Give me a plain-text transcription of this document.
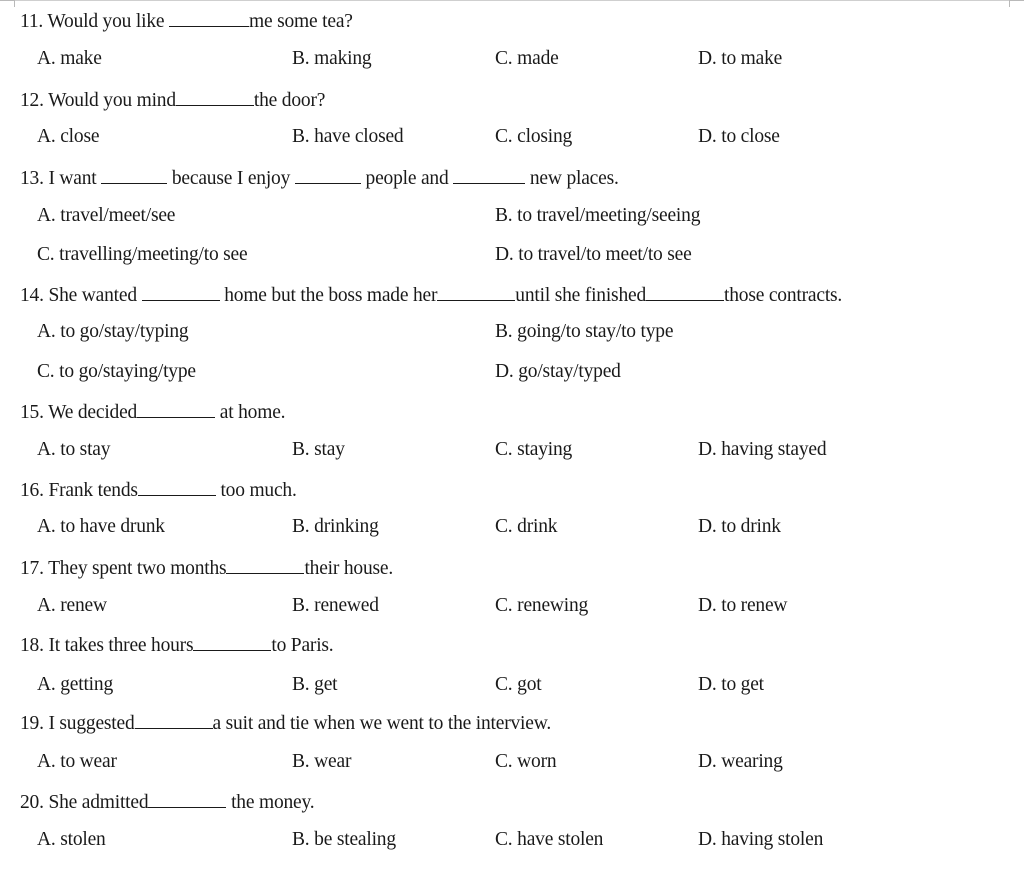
11. Would you like	me some tea?
A. make	B. making	C. made	D. to make
12. Would you mind	the door?
A. close	B. have closed	C. closing	D. to close
13. I want	because I enjoy	people and	new places.
A. travel/meet/see	B. to travel/meeting/seeing
C. travelling/meeting/to see	D. to travel/to meet/to see
14. She wanted	home but the boss made her	until she finished	those contracts.
A. to go/stay/typing	B. going/to stay/to type
C. to go/staying/type	D. go/stay/typed
15. We decided	at home.
A. to stay	B. stay	C. staying	D. having stayed
16. Frank tends	too much.
A. to have drunk	B. drinking	C. drink	D. to drink
17. They spent two months	their house.
A. renew	B. renewed	C. renewing	D. to renew
18. It takes three hours	to Paris.
A. getting	B. get	C. got	D. to get
19. I suggested	a suit and tie when we went to the interview.
A. to wear	B. wear	C. worn	D. wearing
20. She admitted	the money.
A. stolen	B. be stealing	C. have stolen	D. having stolen
